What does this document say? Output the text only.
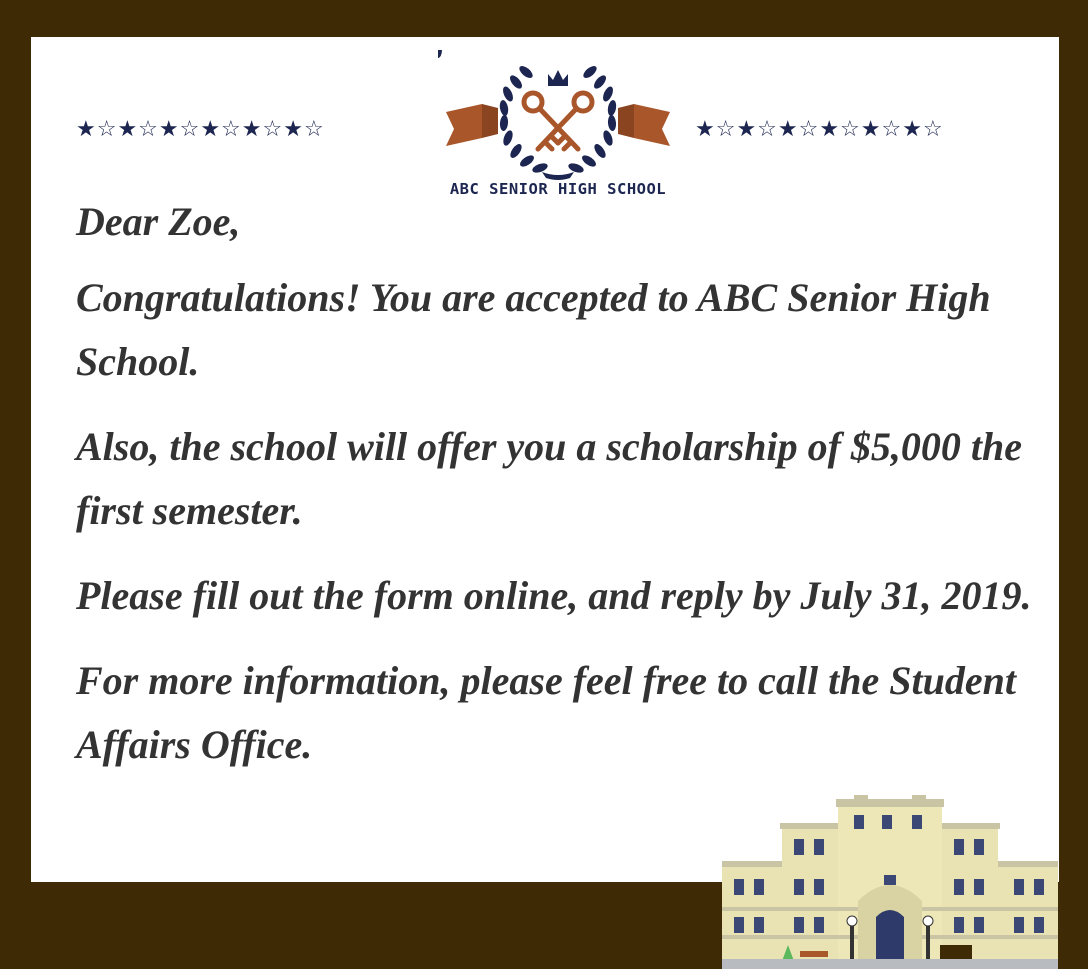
★☆★☆★☆★☆★☆★☆	★☆★☆★☆★☆★☆★☆
ABC SENIOR HIGH SCHOOL

Dear Zoe,

Congratulations! You are accepted to ABC Senior High School.

Also, the school will offer you a scholarship of $5,000 the first semester.

Please fill out the form online, and reply by July 31, 2019.

For more information, please feel free to call the Student Affairs Office.
